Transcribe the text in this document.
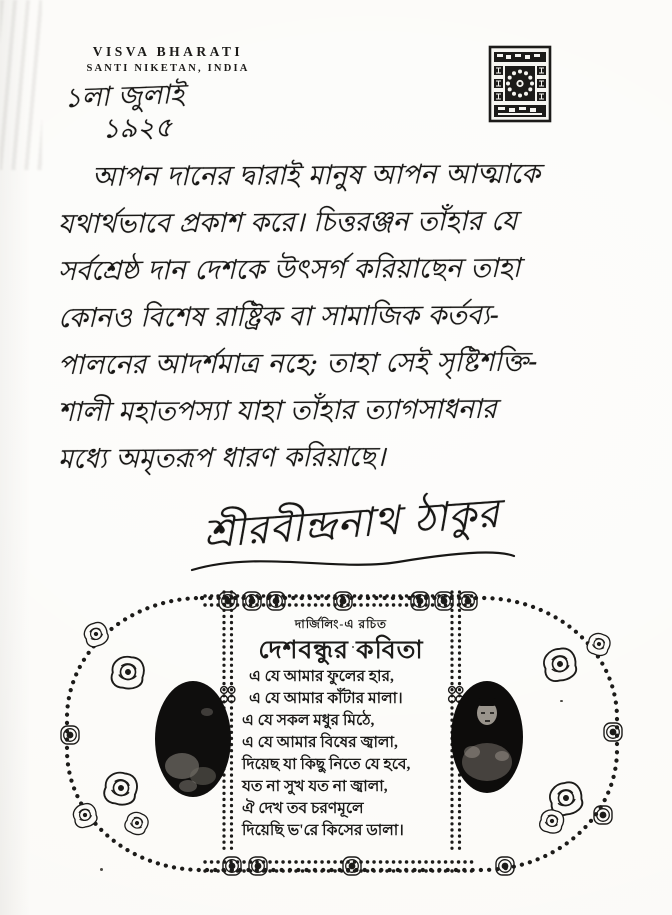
VISVA BHARATI
SANTI NIKETAN, INDIA
১লা জুলাই
১৯২৫
আপন দানের দ্বারাই মানুষ আপন আত্মাকে
যথার্থভাবে প্রকাশ করে। চিত্তরঞ্জন তাঁহার যে
সর্বশ্রেষ্ঠ দান দেশকে উৎসর্গ করিয়াছেন তাহা
কোনও বিশেষ রাষ্ট্রিক বা সামাজিক কর্তব্য-
পালনের আদর্শমাত্র নহে; তাহা সেই সৃষ্টিশক্তি-
শালী মহাতপস্যা যাহা তাঁহার ত্যাগসাধনার
মধ্যে অমৃতরূপ ধারণ করিয়াছে।
শ্রীরবীন্দ্রনাথ ঠাকুর
দার্জিলিং-এ রচিত
দেশবন্ধুর কবিতা
এ যে আমার ফুলের হার,
এ যে আমার কাঁটার মালা।
এ যে সকল মধুর মিঠে,
এ যে আমার বিষের জ্বালা,
দিয়েছ যা কিছু নিতে যে হবে,
যত না সুখ যত না জ্বালা,
ঐ দেখ তব চরণমূলে
দিয়েছি ভ'রে কিসের ডালা।
